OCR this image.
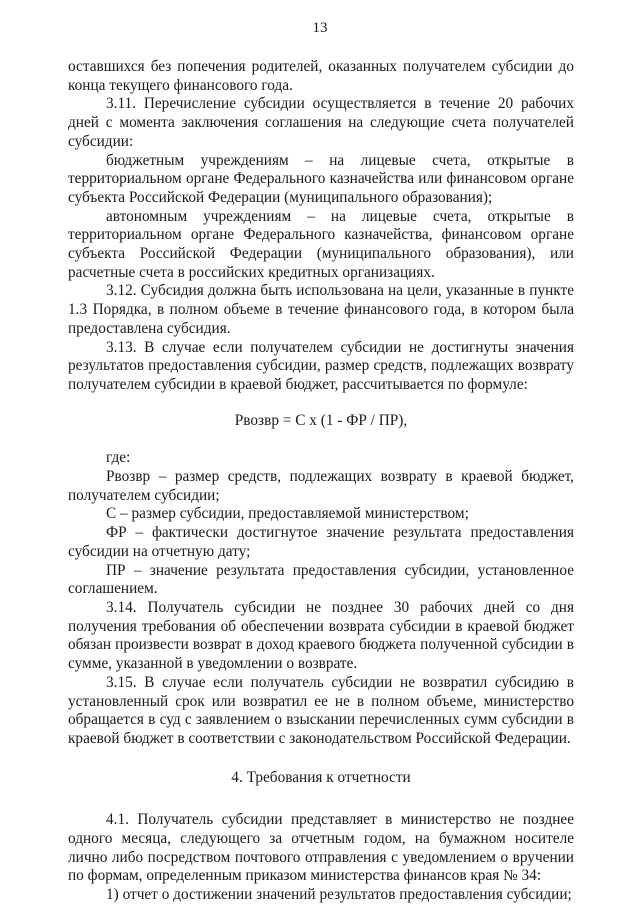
13

оставшихся без попечения родителей, оказанных получателем субсидии до конца текущего финансового года.

3.11. Перечисление субсидии осуществляется в течение 20 рабочих дней с момента заключения соглашения на следующие счета получателей субсидии:

бюджетным учреждениям – на лицевые счета, открытые в территориальном органе Федерального казначейства или финансовом органе субъекта Российской Федерации (муниципального образования);

автономным учреждениям – на лицевые счета, открытые в территориальном органе Федерального казначейства, финансовом органе субъекта Российской Федерации (муниципального образования), или расчетные счета в российских кредитных организациях.

3.12. Субсидия должна быть использована на цели, указанные в пункте 1.3 Порядка, в полном объеме в течение финансового года, в котором была предоставлена субсидия.

3.13. В случае если получателем субсидии не достигнуты значения результатов предоставления субсидии, размер средств, подлежащих возврату получателем субсидии в краевой бюджет, рассчитывается по формуле:

Рвозвр = С x (1 - ФР / ПР),

где:

Рвозвр – размер средств, подлежащих возврату в краевой бюджет, получателем субсидии;

С – размер субсидии, предоставляемой министерством;

ФР – фактически достигнутое значение результата предоставления субсидии на отчетную дату;

ПР – значение результата предоставления субсидии, установленное соглашением.

3.14. Получатель субсидии не позднее 30 рабочих дней со дня получения требования об обеспечении возврата субсидии в краевой бюджет обязан произвести возврат в доход краевого бюджета полученной субсидии в сумме, указанной в уведомлении о возврате.

3.15. В случае если получатель субсидии не возвратил субсидию в установленный срок или возвратил ее не в полном объеме, министерство обращается в суд с заявлением о взыскании перечисленных сумм субсидии в краевой бюджет в соответствии с законодательством Российской Федерации.

4. Требования к отчетности

4.1. Получатель субсидии представляет в министерство не позднее одного месяца, следующего за отчетным годом, на бумажном носителе лично либо посредством почтового отправления с уведомлением о вручении по формам, определенным приказом министерства финансов края № 34:

1) отчет о достижении значений результатов предоставления субсидии;
